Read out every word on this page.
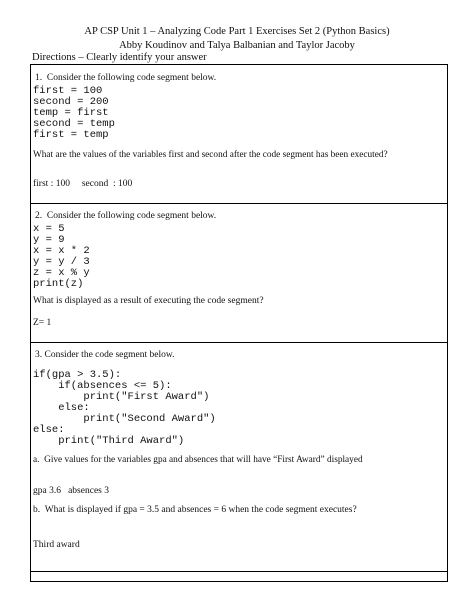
AP CSP Unit 1 – Analyzing Code Part 1 Exercises Set 2 (Python Basics)
Abby Koudinov and Talya Balbanian and Taylor Jacoby
Directions – Clearly identify your answer
1.  Consider the following code segment below.
first = 100
second = 200
temp = first
second = temp
first = temp
What are the values of the variables first and second after the code segment has been executed?
first : 100     second  : 100
2.  Consider the following code segment below.
x = 5
y = 9
x = x * 2
y = y / 3
z = x % y
print(z)
What is displayed as a result of executing the code segment?
Z= 1
3. Consider the code segment below.
if(gpa > 3.5):
if(absences <= 5):
print("First Award")
else:
print("Second Award")
else:
print("Third Award")
a.  Give values for the variables gpa and absences that will have “First Award” displayed
gpa 3.6   absences 3
b.  What is displayed if gpa = 3.5 and absences = 6 when the code segment executes?
Third award
